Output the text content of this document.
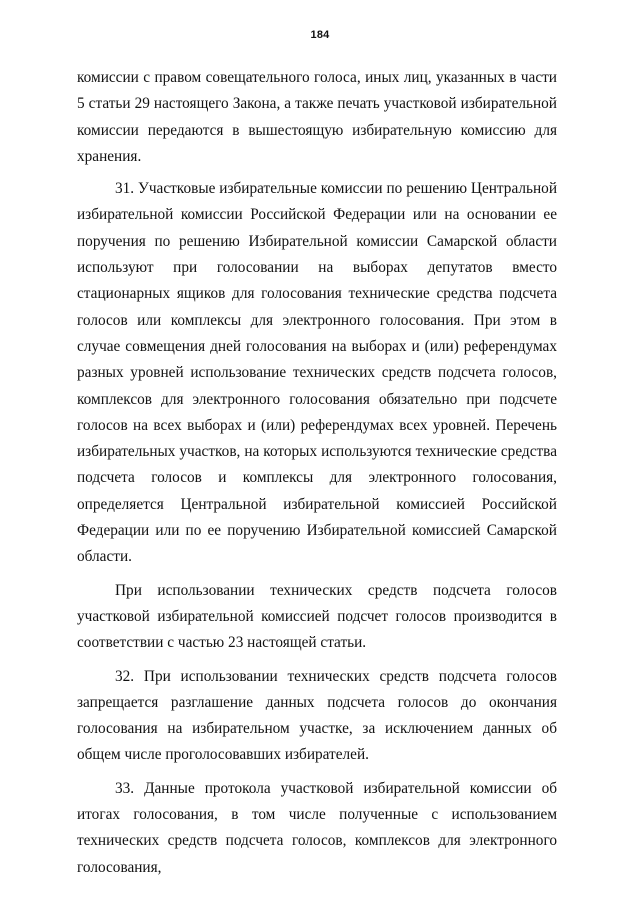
184

комиссии с правом совещательного голоса, иных лиц, указанных в части 5 статьи 29 настоящего Закона, а также печать участковой избирательной комиссии передаются в вышестоящую избирательную комиссию для хранения.

31. Участковые избирательные комиссии по решению Центральной избирательной комиссии Российской Федерации или на основании ее поручения по решению Избирательной комиссии Самарской области используют при голосовании на выборах депутатов вместо стационарных ящиков для голосования технические средства подсчета голосов или комплексы для электронного голосования. При этом в случае совмещения дней голосования на выборах и (или) референдумах разных уровней использование технических средств подсчета голосов, комплексов для электронного голосования обязательно при подсчете голосов на всех выборах и (или) референдумах всех уровней. Перечень избирательных участков, на которых используются технические средства подсчета голосов и комплексы для электронного голосования, определяется Центральной избирательной комиссией Российской Федерации или по ее поручению Избирательной комиссией Самарской области.

При использовании технических средств подсчета голосов участковой избирательной комиссией подсчет голосов производится в соответствии с частью 23 настоящей статьи.

32. При использовании технических средств подсчета голосов запрещается разглашение данных подсчета голосов до окончания голосования на избирательном участке, за исключением данных об общем числе проголосовавших избирателей.

33. Данные протокола участковой избирательной комиссии об итогах голосования, в том числе полученные с использованием технических средств подсчета голосов, комплексов для электронного голосования,
